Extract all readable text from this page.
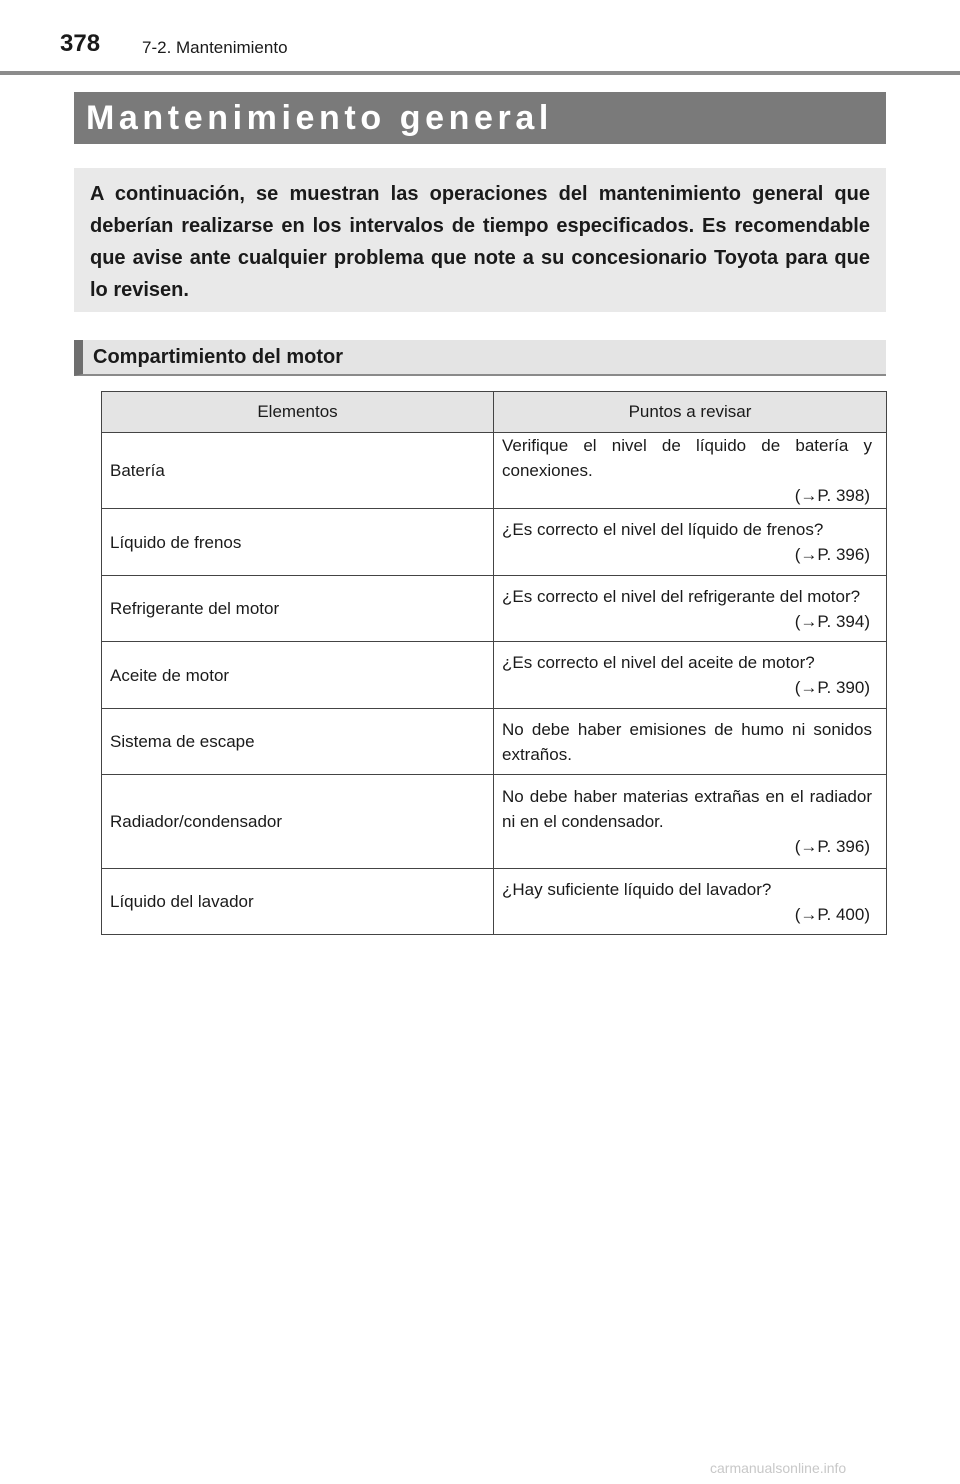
378 7-2. Mantenimiento
Mantenimiento general

A continuación, se muestran las operaciones del mantenimiento general que deberían realizarse en los intervalos de tiempo especificados. Es recomendable que avise ante cualquier problema que note a su concesionario Toyota para que lo revisen.

Compartimiento del motor
Elementos	Puntos a revisar
Batería	Verifique el nivel de líquido de batería y conexiones.
(→P. 398)

Líquido de frenos	¿Es correcto el nivel del líquido de frenos?
(→P. 396)

Refrigerante del motor	¿Es correcto el nivel del refrigerante del motor?
(→P. 394)

Aceite de motor	¿Es correcto el nivel del aceite de motor?
(→P. 390)

Sistema de escape	No debe haber emisiones de humo ni sonidos extraños.

Radiador/condensador	No debe haber materias extrañas en el radiador ni en el condensador.
(→P. 396)

Líquido del lavador	¿Hay suficiente líquido del lavador?
(→P. 400)
carmanualsonline.info
